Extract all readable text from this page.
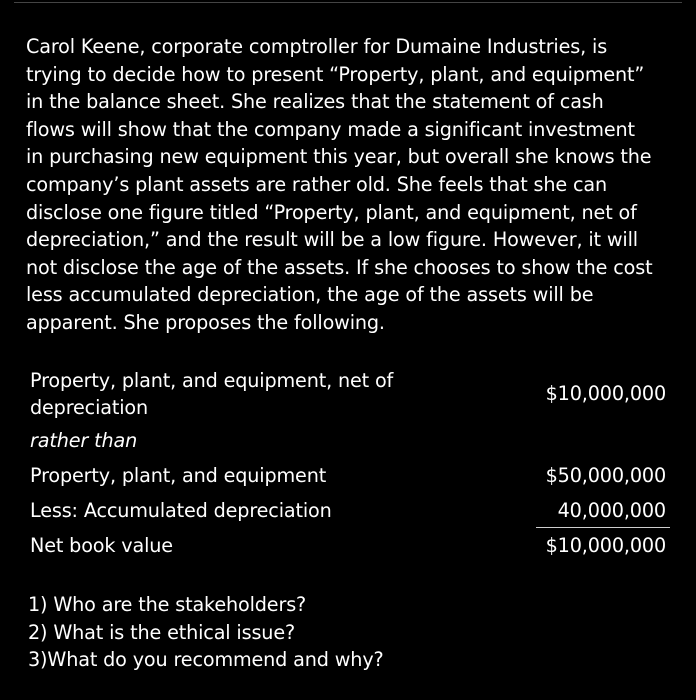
Carol Keene, corporate comptroller for Dumaine Industries, is
trying to decide how to present “Property, plant, and equipment”
in the balance sheet. She realizes that the statement of cash
flows will show that the company made a significant investment
in purchasing new equipment this year, but overall she knows the
company’s plant assets are rather old. She feels that she can
disclose one figure titled “Property, plant, and equipment, net of
depreciation,” and the result will be a low figure. However, it will
not disclose the age of the assets. If she chooses to show the cost
less accumulated depreciation, the age of the assets will be
apparent. She proposes the following.

Property, plant, and equipment, net of
depreciation
$10,000,000
rather than
Property, plant, and equipment	$50,000,000
Less: Accumulated depreciation	40,000,000
Net book value	$10,000,000
1) Who are the stakeholders?
2) What is the ethical issue?
3)What do you recommend and why?
